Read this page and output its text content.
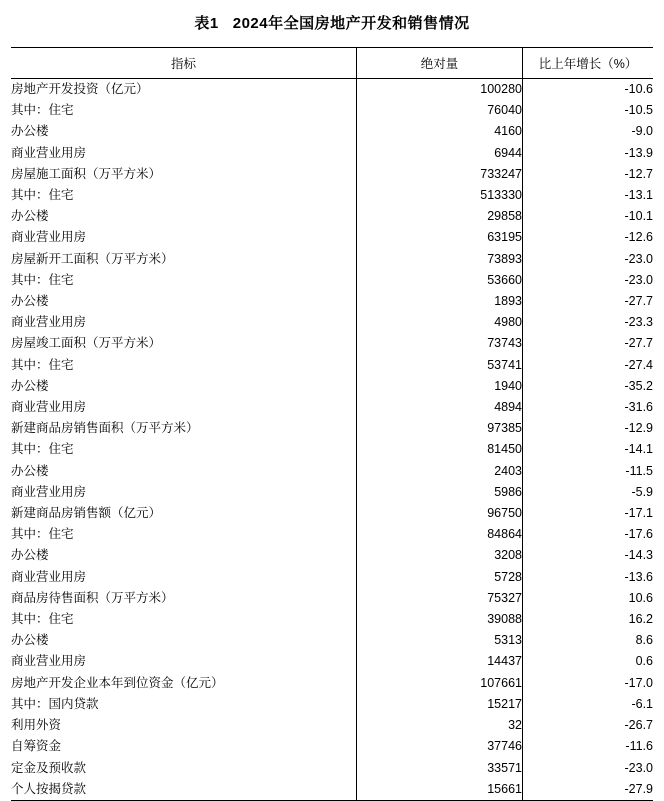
表1 2024年全国房地产开发和销售情况
指标	绝对量	比上年增长（%）
房地产开发投资（亿元）	100280	-10.6
其中：住宅	76040	-10.5
办公楼	4160	-9.0
商业营业用房	6944	-13.9
房屋施工面积（万平方米）	733247	-12.7
其中：住宅	513330	-13.1
办公楼	29858	-10.1
商业营业用房	63195	-12.6
房屋新开工面积（万平方米）	73893	-23.0
其中：住宅	53660	-23.0
办公楼	1893	-27.7
商业营业用房	4980	-23.3
房屋竣工面积（万平方米）	73743	-27.7
其中：住宅	53741	-27.4
办公楼	1940	-35.2
商业营业用房	4894	-31.6
新建商品房销售面积（万平方米）	97385	-12.9
其中：住宅	81450	-14.1
办公楼	2403	-11.5
商业营业用房	5986	-5.9
新建商品房销售额（亿元）	96750	-17.1
其中：住宅	84864	-17.6
办公楼	3208	-14.3
商业营业用房	5728	-13.6
商品房待售面积（万平方米）	75327	10.6
其中：住宅	39088	16.2
办公楼	5313	8.6
商业营业用房	14437	0.6
房地产开发企业本年到位资金（亿元）	107661	-17.0
其中：国内贷款	15217	-6.1
利用外资	32	-26.7
自筹资金	37746	-11.6
定金及预收款	33571	-23.0
个人按揭贷款	15661	-27.9
